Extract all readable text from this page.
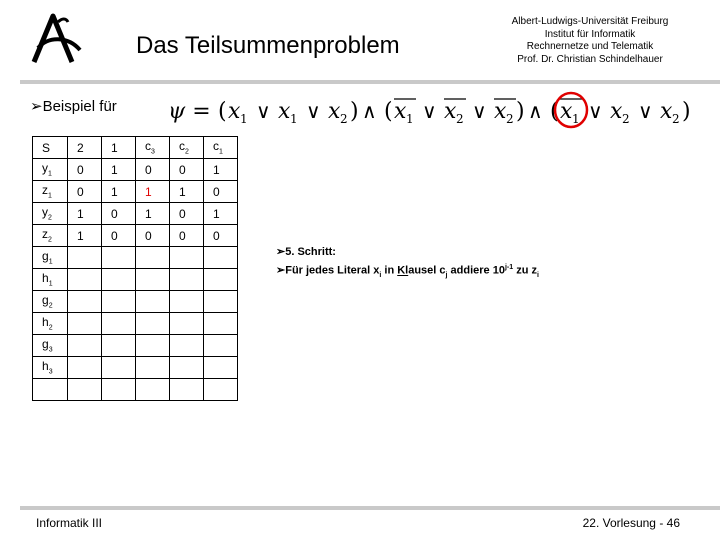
Das Teilsummenproblem
Albert-Ludwigs-Universität Freiburg
Institut für Informatik
Rechnernetze und Telematik
Prof. Dr. Christian Schindelhauer
➢Beispiel für ψ = ( x 1 ∨ x 1 ∨ x 2 ) ∧ ( x 1 ∨ x 2 ∨ x 2 ) ∧ ( x 1 ∨ x 2 ∨ x 2 )
S	2	1	$c_3$	$c_2$	$c_1$
$y_1$	0	1	0	0	1
$z_1$	0	1	1	1	0
$y_2$	1	0	1	0	1
$z_2$	1	0	0	0	0
$g_1$					
$h_1$					
$g_2$					
$h_2$					
$g_3$					
$h_3$					

➢5. Schritt:
➢Für jedes Literal $x_i$ in Klausel $c_j$ addiere 10$^{j-1}$ zu $z_i$
Informatik III	22. Vorlesung - 46
